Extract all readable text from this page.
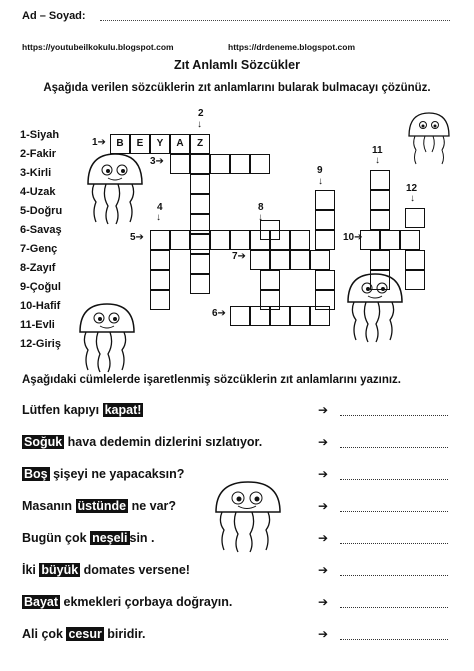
Ad – Soyad:
https://youtubeilkokulu.blogspot.com	https://drdeneme.blogspot.com
Zıt Anlamlı Sözcükler
Aşağıda verilen sözcüklerin zıt anlamlarını bularak bulmacayı çözünüz.
1-Siyah
2-Fakir
3-Kirli
4-Uzak
5-Doğru
6-Savaş
7-Genç
8-Zayıf
9-Çoğul
10-Hafif
11-Evli
12-Giriş
1➔
2
↓
3➔
4
↓
5➔
6➔
7➔
8
↓
9
↓
10➔
11
↓
12
↓
B	E	Y	A	Z
Aşağıdaki cümlelerde işaretlenmiş sözcüklerin zıt anlamlarını yazınız.
Lütfen kapıyı kapat!	➔
Soğuk hava dedemin dizlerini sızlatıyor.	➔
Boş şişeyi ne yapacaksın?	➔
Masanın üstünde ne var?	➔
Bugün çok neşeli sin .	➔
İki büyük domates versene!	➔
Bayat ekmekleri çorbaya doğrayın.	➔
Ali çok cesur biridir.	➔
